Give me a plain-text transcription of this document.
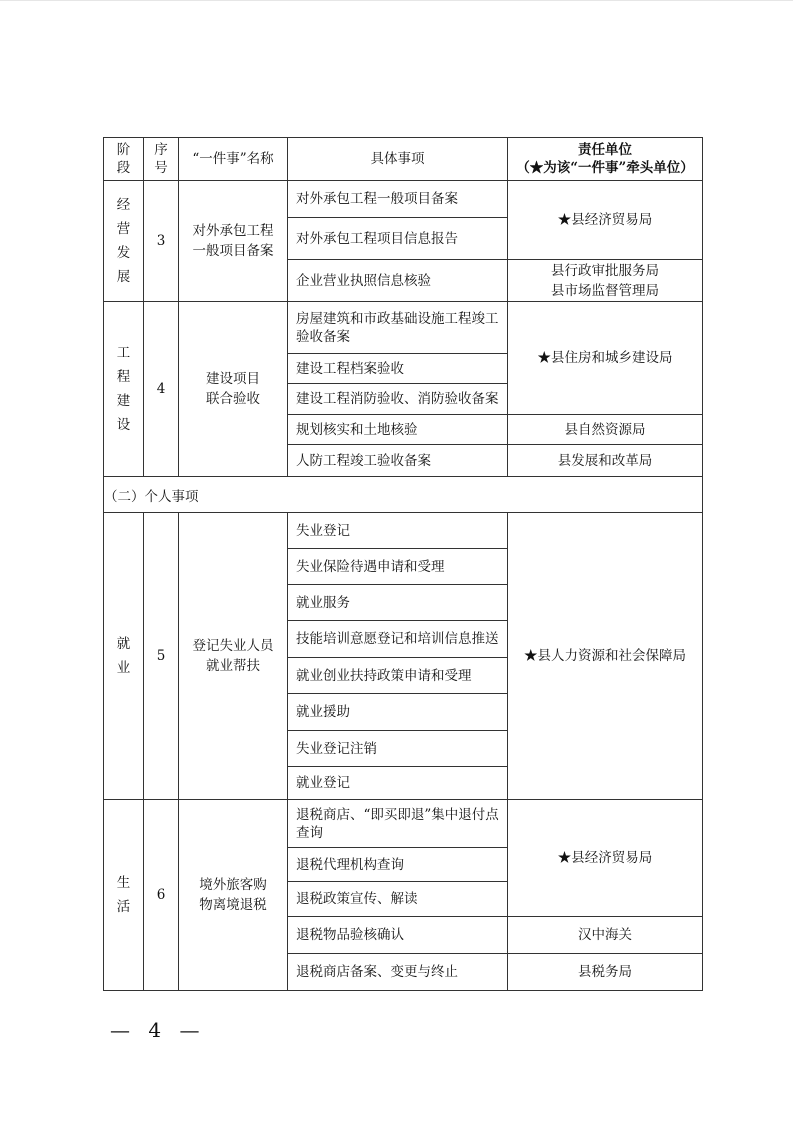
阶段	序号	“一件事”名称	具体事项	责任单位
（★为该“一件事”牵头单位）

经营发展	3	对外承包工程一般项目备案	对外承包工程一般项目备案	★县经济贸易局
			对外承包工程项目信息报告	
			企业营业执照信息核验	县行政审批服务局
县市场监督管理局

工程建设	4	建设项目联合验收	房屋建筑和市政基础设施工程竣工验收备案	★县住房和城乡建设局
			建设工程档案验收	
			建设工程消防验收、消防验收备案	
			规划核实和土地核验	县自然资源局
			人防工程竣工验收备案	县发展和改革局
（二）个人事项				
就业	5	登记失业人员就业帮扶	失业登记	★县人力资源和社会保障局
			失业保险待遇申请和受理	
			就业服务	
			技能培训意愿登记和培训信息推送	
			就业创业扶持政策申请和受理	
			就业援助	
			失业登记注销	
			就业登记	
生活	6	境外旅客购物离境退税	退税商店、“即买即退”集中退付点查询	★县经济贸易局
			退税代理机构查询	
			退税政策宣传、解读	
			退税物品验核确认	汉中海关
			退税商店备案、变更与终止	县税务局
— 4 —
